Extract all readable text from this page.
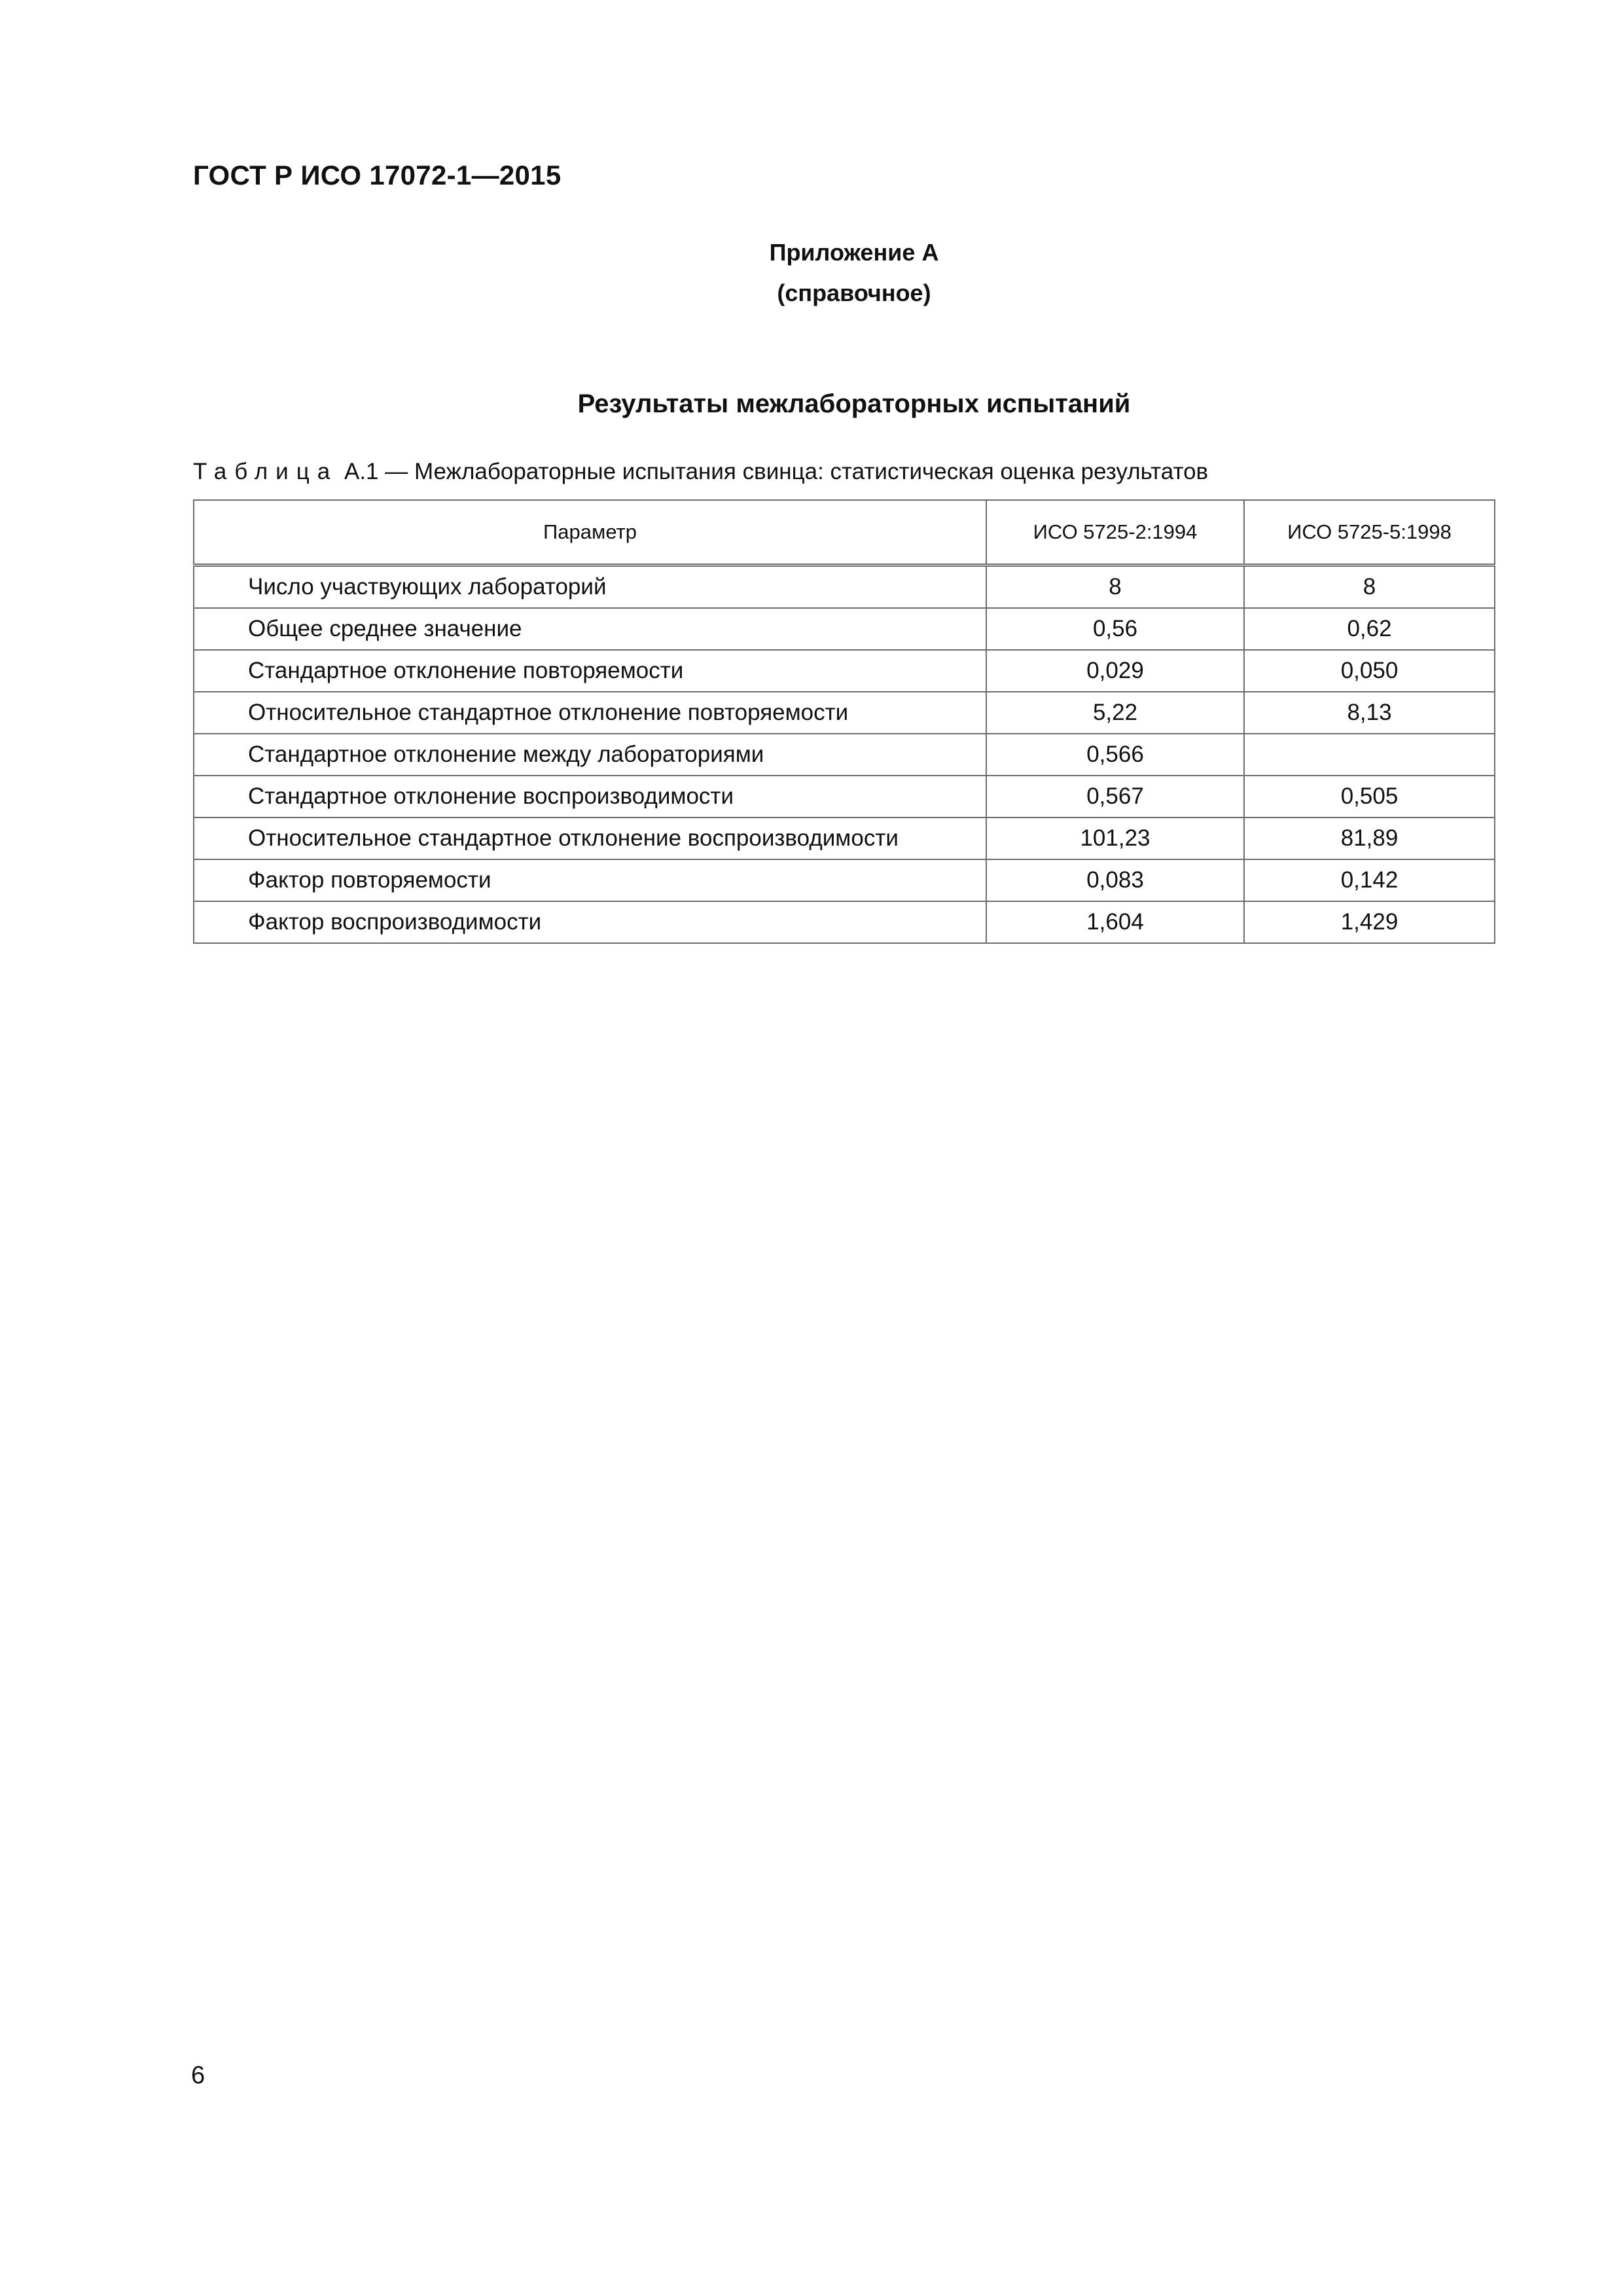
ГОСТ Р ИСО 17072-1—2015
Приложение А
(справочное)
Результаты межлабораторных испытаний
Таблица А.1 — Межлабораторные испытания свинца: статистическая оценка результатов
Параметр	ИСО 5725-2:1994	ИСО 5725-5:1998
Число участвующих лабораторий	8	8
Общее среднее значение	0,56	0,62
Стандартное отклонение повторяемости	0,029	0,050
Относительное стандартное отклонение повторяемости	5,22	8,13
Стандартное отклонение между лабораториями	0,566	
Стандартное отклонение воспроизводимости	0,567	0,505
Относительное стандартное отклонение воспроизводимости	101,23	81,89
Фактор повторяемости	0,083	0,142
Фактор воспроизводимости	1,604	1,429
6
